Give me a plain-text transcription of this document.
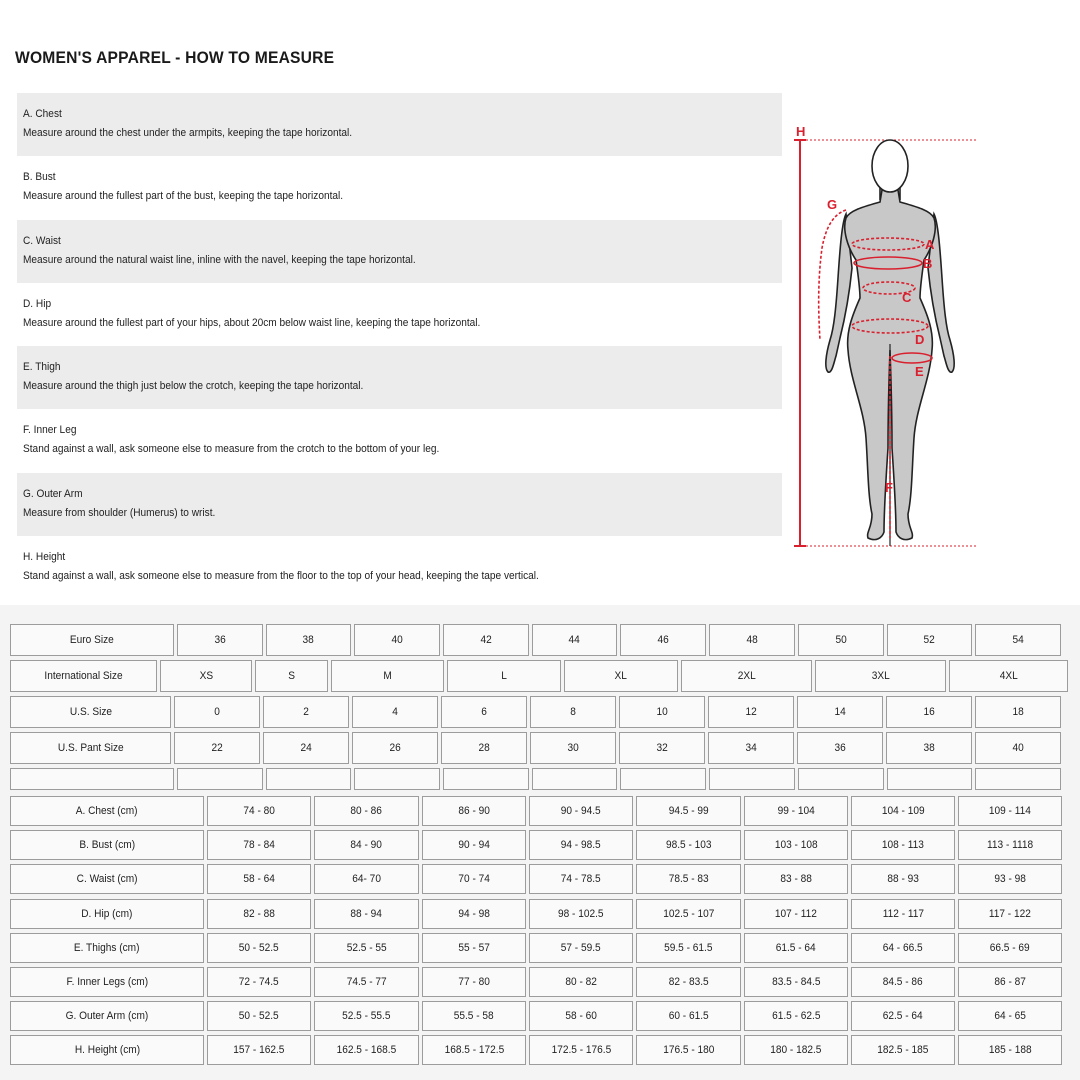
WOMEN'S APPAREL - HOW TO MEASURE
A. Chest
Measure around the chest under the armpits, keeping the tape horizontal.
B. Bust
Measure around the fullest part of the bust, keeping the tape horizontal.
C. Waist
Measure around the natural waist line, inline with the navel, keeping the tape horizontal.
D. Hip
Measure around the fullest part of your hips, about 20cm below waist line, keeping the tape horizontal.
E. Thigh
Measure around the thigh just below the crotch, keeping the tape horizontal.
F. Inner Leg
Stand against a wall, ask someone else to measure from the crotch to the bottom of your leg.
G. Outer Arm
Measure from shoulder (Humerus) to wrist.
H. Height
Stand against a wall, ask someone else to measure from the floor to the top of your head, keeping the tape vertical.
H
G
A
B
C
D
E
F
Euro Size	36	38	40	42	44	46	48	50	52	54
International Size	XS	S	M	L	XL	2XL	3XL	4XL
U.S. Size	0	2	4	6	8	10	12	14	16	18
U.S. Pant Size	22	24	26	28	30	32	34	36	38	40
A. Chest (cm)	74 - 80	80 - 86	86 - 90	90 - 94.5	94.5 - 99	99 - 104	104 - 109	109 - 114
B. Bust (cm)	78 - 84	84 - 90	90 - 94	94 - 98.5	98.5 - 103	103 - 108	108 - 113	113 - 1118
C. Waist (cm)	58 - 64	64- 70	70 - 74	74 - 78.5	78.5 - 83	83 - 88	88 - 93	93 - 98
D. Hip (cm)	82 - 88	88 - 94	94 - 98	98 - 102.5	102.5 - 107	107 - 112	112 - 117	117 - 122
E. Thighs (cm)	50 - 52.5	52.5 - 55	55 - 57	57 - 59.5	59.5 - 61.5	61.5 - 64	64 - 66.5	66.5 - 69
F. Inner Legs (cm)	72 - 74.5	74.5 - 77	77 - 80	80 - 82	82 - 83.5	83.5 - 84.5	84.5 - 86	86 - 87
G. Outer Arm (cm)	50 - 52.5	52.5 - 55.5	55.5 - 58	58 - 60	60 - 61.5	61.5 - 62.5	62.5 - 64	64 - 65
H. Height (cm)	157 - 162.5	162.5 - 168.5	168.5 - 172.5	172.5 - 176.5	176.5 - 180	180 - 182.5	182.5 - 185	185 - 188
